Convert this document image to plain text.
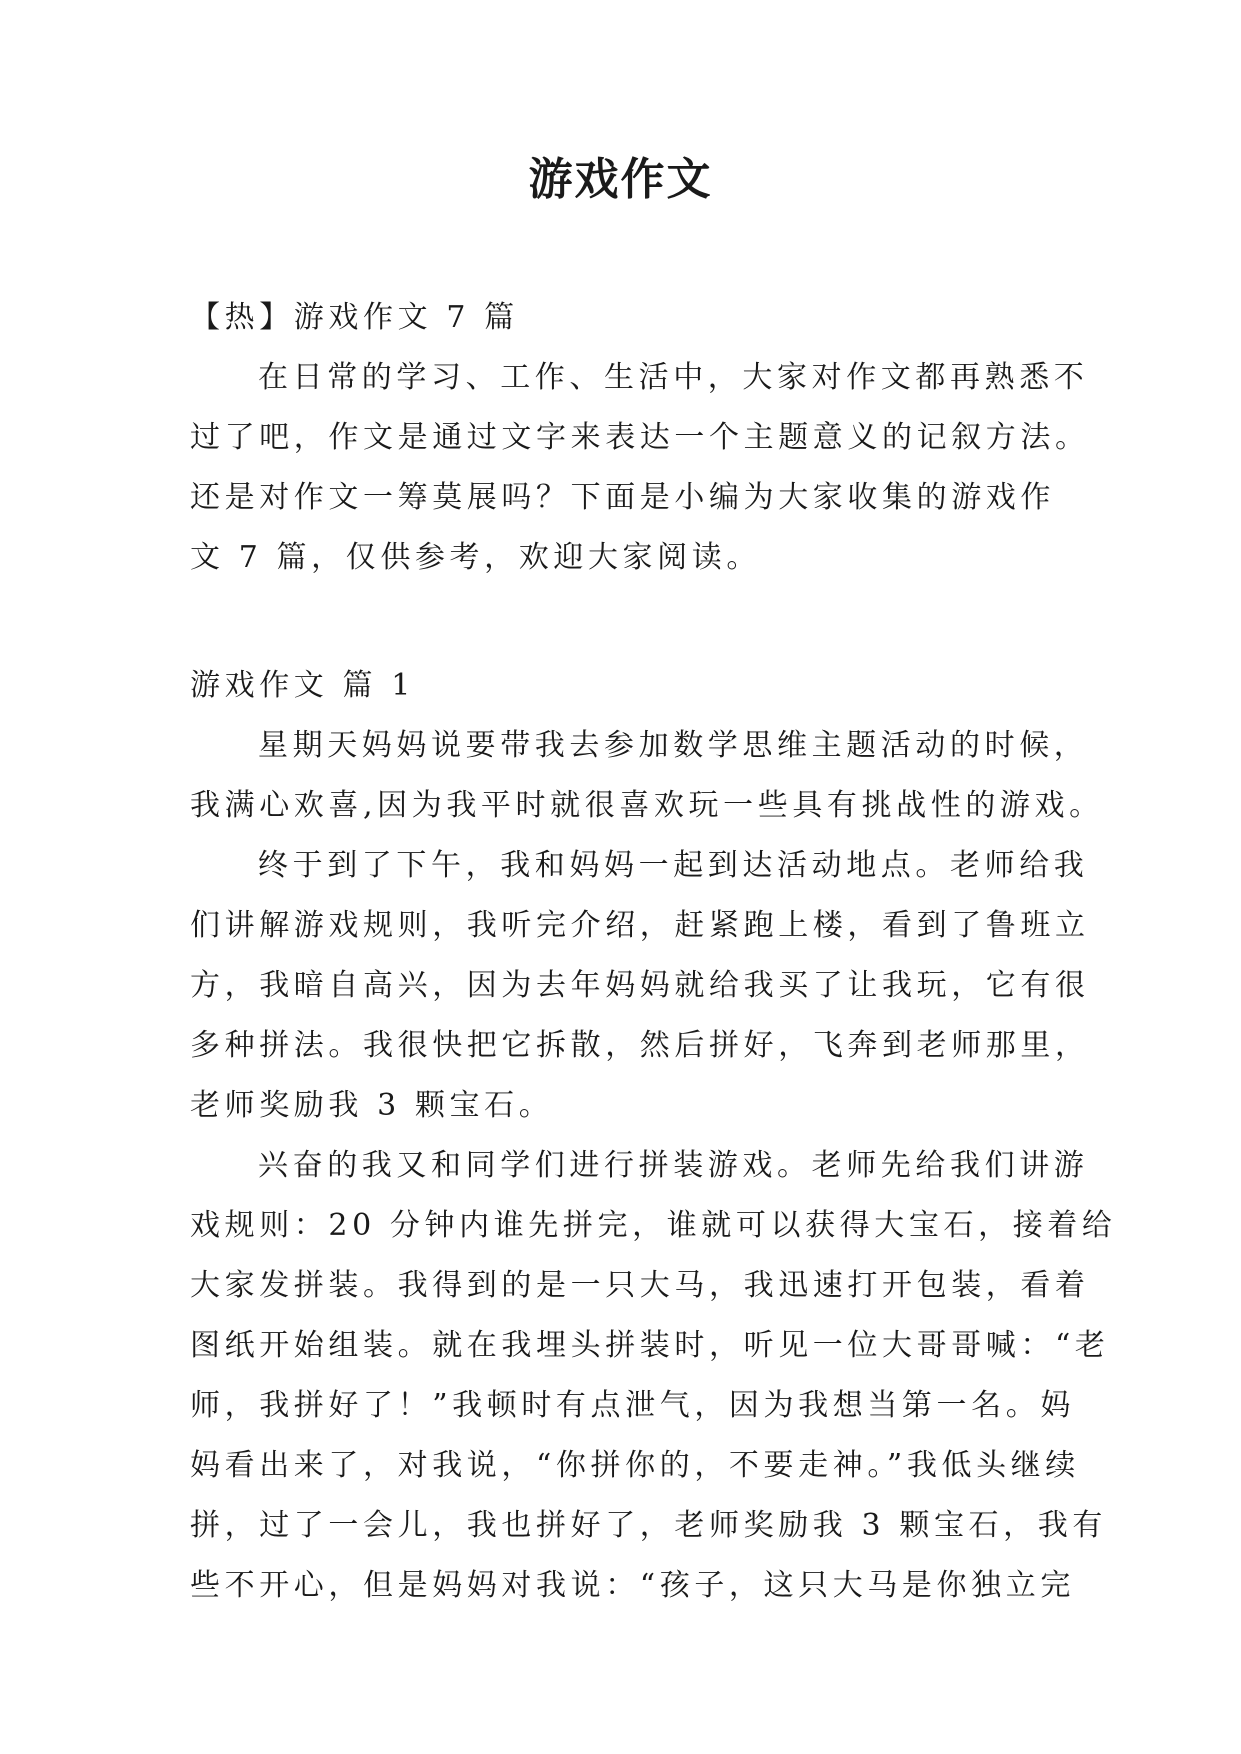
游戏作文

【热】游戏作文 7 篇

在日常的学习、工作、生活中，大家对作文都再熟悉不

过了吧，作文是通过文字来表达一个主题意义的记叙方法。

还是对作文一筹莫展吗？下面是小编为大家收集的游戏作

文 7 篇，仅供参考，欢迎大家阅读。

游戏作文 篇 1

星期天妈妈说要带我去参加数学思维主题活动的时候，

我满心欢喜,因为我平时就很喜欢玩一些具有挑战性的游戏。

终于到了下午，我和妈妈一起到达活动地点。老师给我

们讲解游戏规则，我听完介绍，赶紧跑上楼，看到了鲁班立

方，我暗自高兴，因为去年妈妈就给我买了让我玩，它有很

多种拼法。我很快把它拆散，然后拼好，飞奔到老师那里，

老师奖励我 3 颗宝石。

兴奋的我又和同学们进行拼装游戏。老师先给我们讲游

戏规则：20 分钟内谁先拼完，谁就可以获得大宝石，接着给

大家发拼装。我得到的是一只大马，我迅速打开包装，看着

图纸开始组装。就在我埋头拼装时，听见一位大哥哥喊：“老

师，我拼好了！”我顿时有点泄气，因为我想当第一名。妈

妈看出来了，对我说，“你拼你的，不要走神。”我低头继续

拼，过了一会儿，我也拼好了，老师奖励我 3 颗宝石，我有

些不开心，但是妈妈对我说：“孩子，这只大马是你独立完
